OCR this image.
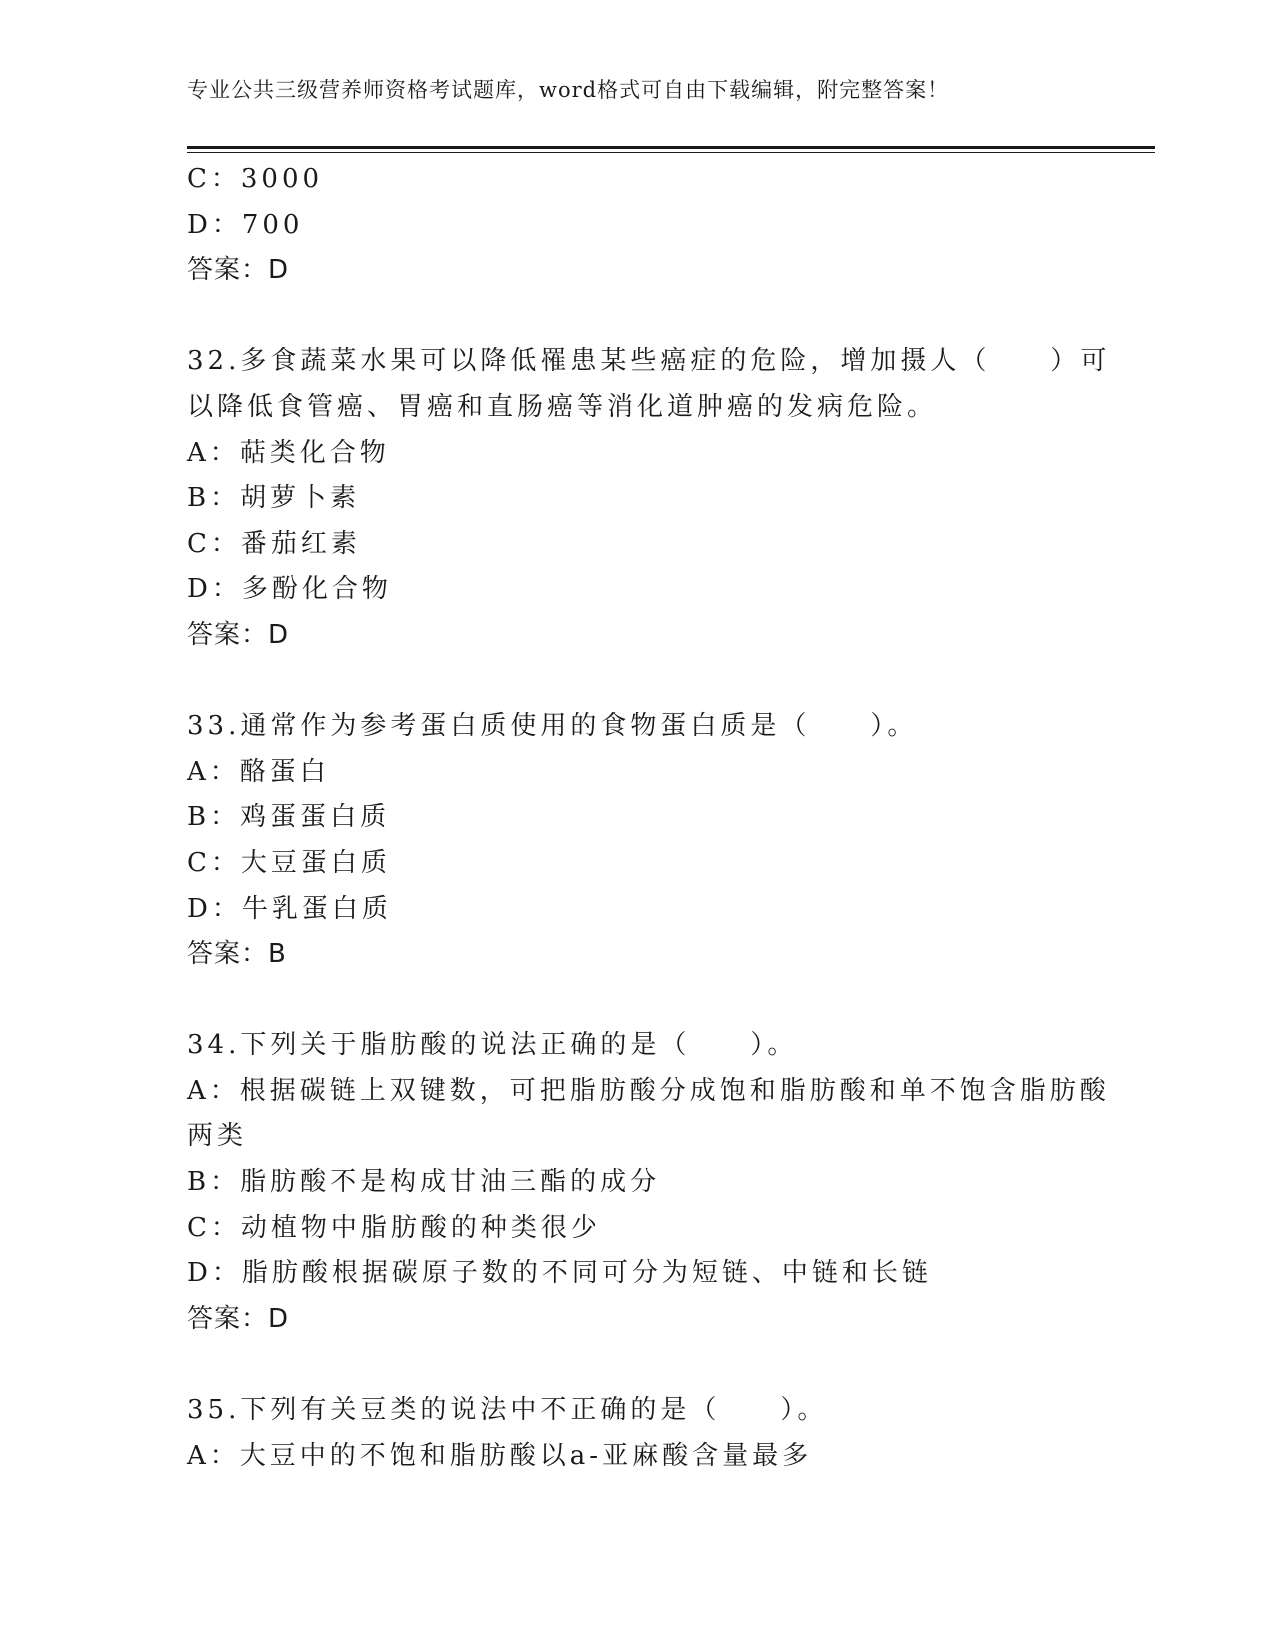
专业公共三级营养师资格考试题库，word格式可自由下载编辑，附完整答案！
C：3000
D：700
答案：D
32.多食蔬菜水果可以降低罹患某些癌症的危险，增加摄人（　　）可
以降低食管癌、胃癌和直肠癌等消化道肿癌的发病危险。
A：萜类化合物
B：胡萝卜素
C：番茄红素
D：多酚化合物
答案：D
33.通常作为参考蛋白质使用的食物蛋白质是（　　）。
A：酪蛋白
B：鸡蛋蛋白质
C：大豆蛋白质
D：牛乳蛋白质
答案：B
34.下列关于脂肪酸的说法正确的是（　　）。
A：根据碳链上双键数，可把脂肪酸分成饱和脂肪酸和单不饱含脂肪酸
两类
B：脂肪酸不是构成甘油三酯的成分
C：动植物中脂肪酸的种类很少
D：脂肪酸根据碳原子数的不同可分为短链、中链和长链
答案：D
35.下列有关豆类的说法中不正确的是（　　）。
A：大豆中的不饱和脂肪酸以a-亚麻酸含量最多
